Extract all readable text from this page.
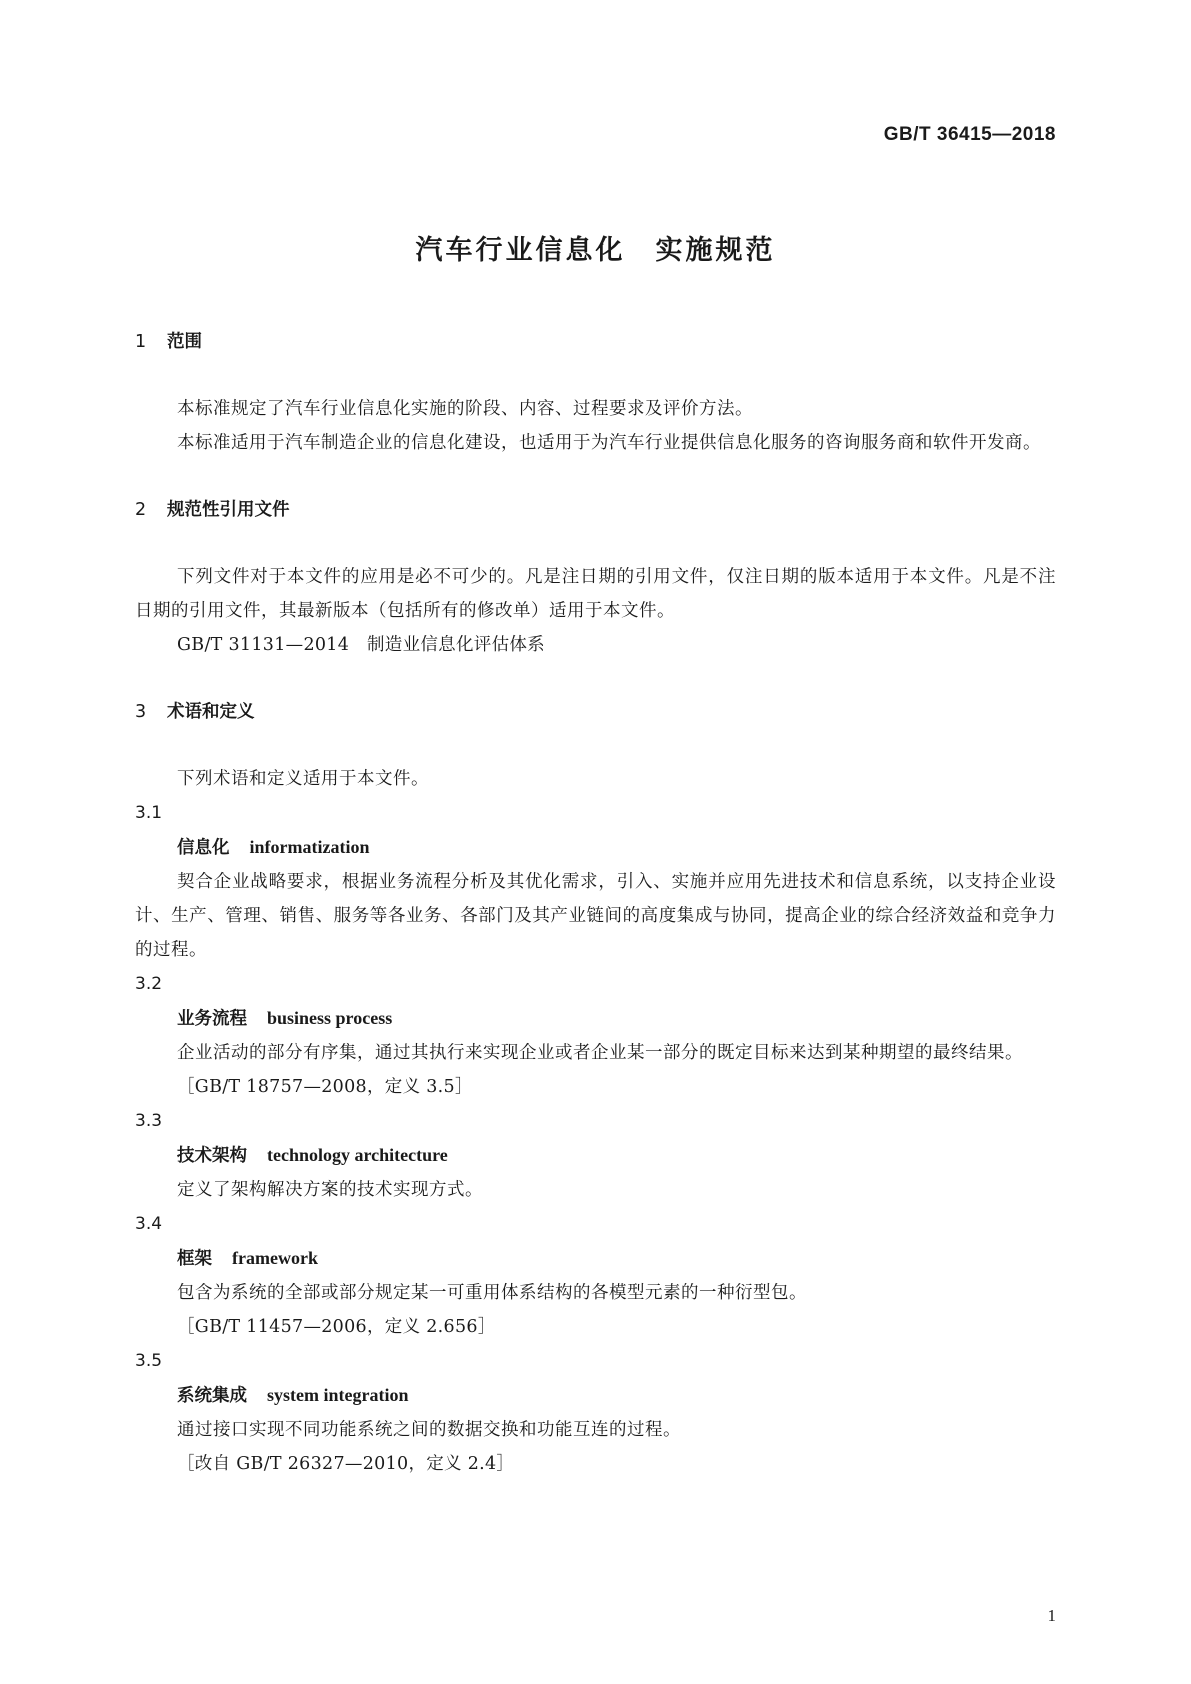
GB/T 36415—2018
汽车行业信息化　实施规范
1 范围
本标准规定了汽车行业信息化实施的阶段、内容、过程要求及评价方法。
本标准适用于汽车制造企业的信息化建设，也适用于为汽车行业提供信息化服务的咨询服务商和软件开发商。
2 规范性引用文件
下列文件对于本文件的应用是必不可少的。凡是注日期的引用文件，仅注日期的版本适用于本文件。凡是不注日期的引用文件，其最新版本（包括所有的修改单）适用于本文件。
GB/T 31131—2014　制造业信息化评估体系
3 术语和定义
下列术语和定义适用于本文件。
3.1
信息化 informatization
契合企业战略要求，根据业务流程分析及其优化需求，引入、实施并应用先进技术和信息系统，以支持企业设计、生产、管理、销售、服务等各业务、各部门及其产业链间的高度集成与协同，提高企业的综合经济效益和竞争力的过程。
3.2
业务流程 business process
企业活动的部分有序集，通过其执行来实现企业或者企业某一部分的既定目标来达到某种期望的最终结果。
［GB/T 18757—2008，定义 3.5］
3.3
技术架构 technology architecture
定义了架构解决方案的技术实现方式。
3.4
框架 framework
包含为系统的全部或部分规定某一可重用体系结构的各模型元素的一种衍型包。
［GB/T 11457—2006，定义 2.656］
3.5
系统集成 system integration
通过接口实现不同功能系统之间的数据交换和功能互连的过程。
［改自 GB/T 26327—2010，定义 2.4］
1
